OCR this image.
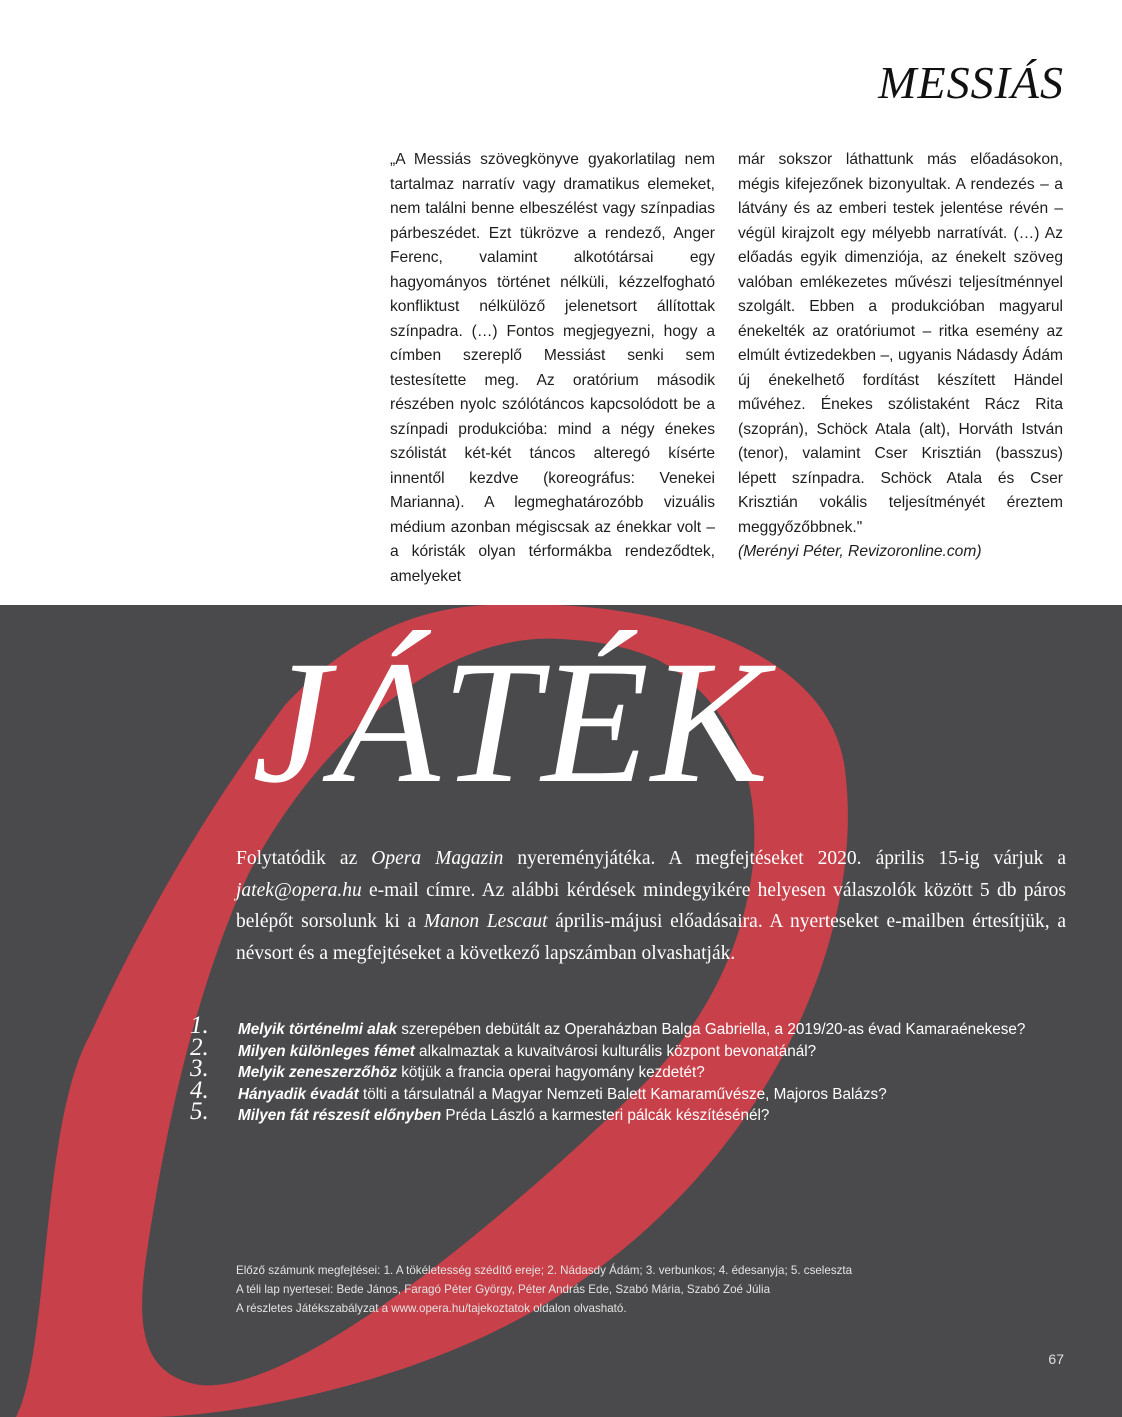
MESSIÁS

„A Messiás szövegkönyve gyakorlatilag nem tartalmaz narratív vagy dramatikus elemeket, nem találni benne elbeszélést vagy színpadias párbeszédet. Ezt tükrözve a rendező, Anger Ferenc, valamint alkotótársai egy hagyományos történet nélküli, kézzelfogható konfliktust nélkülöző jelenetsort állítottak színpadra. (…) Fontos megjegyezni, hogy a címben szereplő Messiást senki sem testesítette meg. Az oratórium második részében nyolc szólótáncos kapcsolódott be a színpadi produkcióba: mind a négy énekes szólistát két-két táncos alteregó kísérte innentől kezdve (koreográfus: Venekei Marianna). A legmeghatározóbb vizuális médium azonban mégiscsak az énekkar volt – a kóristák olyan térformákba rendeződtek, amelyeket

már sokszor láthattunk más előadásokon, mégis kifejezőnek bizonyultak. A rendezés – a látvány és az emberi testek jelentése révén – végül kirajzolt egy mélyebb narratívát. (…) Az előadás egyik dimenziója, az énekelt szöveg valóban emlékezetes művészi teljesítménnyel szolgált. Ebben a produkcióban magyarul énekelték az oratóriumot – ritka esemény az elmúlt évtizedekben –, ugyanis Nádasdy Ádám új énekelhető fordítást készített Händel művéhez. Énekes szólistaként Rácz Rita (szoprán), Schöck Atala (alt), Horváth István (tenor), valamint Cser Krisztián (basszus) lépett színpadra. Schöck Atala és Cser Krisztián vokális teljesítményét éreztem meggyőzőbbnek."

(Merényi Péter, Revizoronline.com)
JÁTÉK

Folytatódik az Opera Magazin nyereményjátéka. A megfejtéseket 2020. április 15-ig várjuk a jatek@opera.hu e-mail címre. Az alábbi kérdések mindegyikére helyesen válaszolók között 5 db páros belépőt sorsolunk ki a Manon Lescaut április-májusi előadásaira. A nyerteseket e-mailben értesítjük, a névsort és a megfejtéseket a következő lapszámban olvashatják.

1. Melyik történelmi alak szerepében debütált az Operaházban Balga Gabriella, a 2019/20-as évad Kamaraénekese?
2. Milyen különleges fémet alkalmaztak a kuvaitvárosi kulturális központ bevonatánál?
3. Melyik zeneszerzőhöz kötjük a francia operai hagyomány kezdetét?
4. Hányadik évadát tölti a társulatnál a Magyar Nemzeti Balett Kamaraművésze, Majoros Balázs?
5. Milyen fát részesít előnyben Préda László a karmesteri pálcák készítésénél?
Előző számunk megfejtései: 1. A tökéletesség szédítő ereje; 2. Nádasdy Ádám; 3. verbunkos; 4. édesanyja; 5. cseleszta
A téli lap nyertesei: Bede János, Faragó Péter György, Péter András Ede, Szabó Mária, Szabó Zoé Júlia
A részletes Játékszabályzat a www.opera.hu/tajekoztatok oldalon olvasható.
67
